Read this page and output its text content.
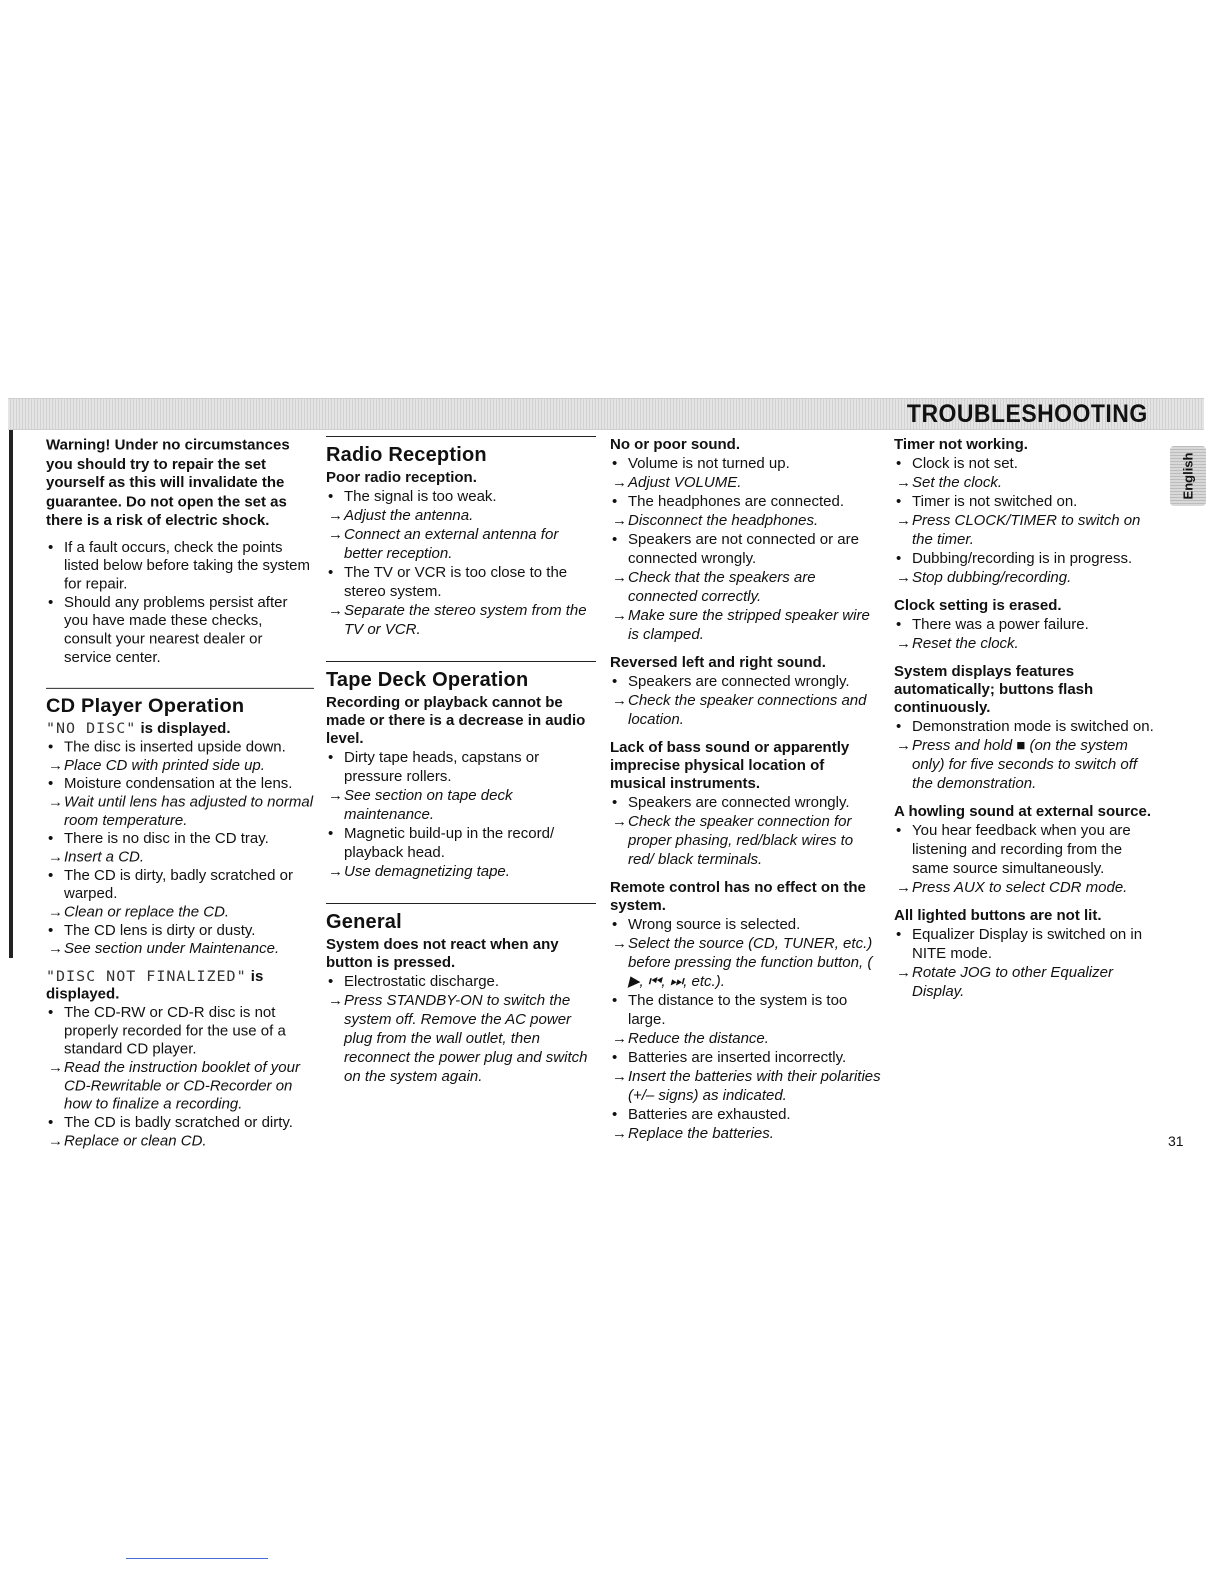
TROUBLESHOOTING
English
Warning! Under no circumstances you should try to repair the set yourself as this will invalidate the guarantee. Do not open the set as there is a risk of electric shock.
• If a fault occurs, check the points listed below before taking the system for repair.
• Should any problems persist after you have made these checks, consult your nearest dealer or service center.
CD Player Operation
"NO DISC" is displayed.
• The disc is inserted upside down.
→ Place CD with printed side up.
• Moisture condensation at the lens.
→ Wait until lens has adjusted to normal room temperature.
• There is no disc in the CD tray.
→ Insert a CD.
• The CD is dirty, badly scratched or warped.
→ Clean or replace the CD.
• The CD lens is dirty or dusty.
→ See section under Maintenance.
"DISC NOT FINALIZED" is displayed.
• The CD-RW or CD-R disc is not properly recorded for the use of a standard CD player.
→ Read the instruction booklet of your CD-Rewritable or CD-Recorder on how to finalize a recording.
• The CD is badly scratched or dirty.
→ Replace or clean CD.
Radio Reception
Poor radio reception.
• The signal is too weak.
→ Adjust the antenna.
→ Connect an external antenna for better reception.
• The TV or VCR is too close to the stereo system.
→ Separate the stereo system from the TV or VCR.
Tape Deck Operation
Recording or playback cannot be made or there is a decrease in audio level.
• Dirty tape heads, capstans or pressure rollers.
→ See section on tape deck maintenance.
• Magnetic build-up in the record/ playback head.
→ Use demagnetizing tape.
General
System does not react when any button is pressed.
• Electrostatic discharge.
→ Press STANDBY-ON to switch the system off. Remove the AC power plug from the wall outlet, then reconnect the power plug and switch on the system again.
No or poor sound.
• Volume is not turned up.
→ Adjust VOLUME.
• The headphones are connected.
→ Disconnect the headphones.
• Speakers are not connected or are connected wrongly.
→ Check that the speakers are connected correctly.
→ Make sure the stripped speaker wire is clamped.
Reversed left and right sound.
• Speakers are connected wrongly.
→ Check the speaker connections and location.
Lack of bass sound or apparently imprecise physical location of musical instruments.
• Speakers are connected wrongly.
→ Check the speaker connection for proper phasing, red/black wires to red/ black terminals.
Remote control has no effect on the system.
• Wrong source is selected.
→ Select the source (CD, TUNER, etc.) before pressing the function button, ( ▶, ⏮, ⏭, etc.).
• The distance to the system is too large.
→ Reduce the distance.
• Batteries are inserted incorrectly.
→ Insert the batteries with their polarities (+/– signs) as indicated.
• Batteries are exhausted.
→ Replace the batteries.
Timer not working.
• Clock is not set.
→ Set the clock.
• Timer is not switched on.
→ Press CLOCK/TIMER to switch on the timer.
• Dubbing/recording is in progress.
→ Stop dubbing/recording.
Clock setting is erased.
• There was a power failure.
→ Reset the clock.
System displays features automatically; buttons flash continuously.
• Demonstration mode is switched on.
→ Press and hold ■ (on the system only) for five seconds to switch off the demonstration.
A howling sound at external source.
• You hear feedback when you are listening and recording from the same source simultaneously.
→ Press AUX to select CDR mode.
All lighted buttons are not lit.
• Equalizer Display is switched on in NITE mode.
→ Rotate JOG to other Equalizer Display.
31
